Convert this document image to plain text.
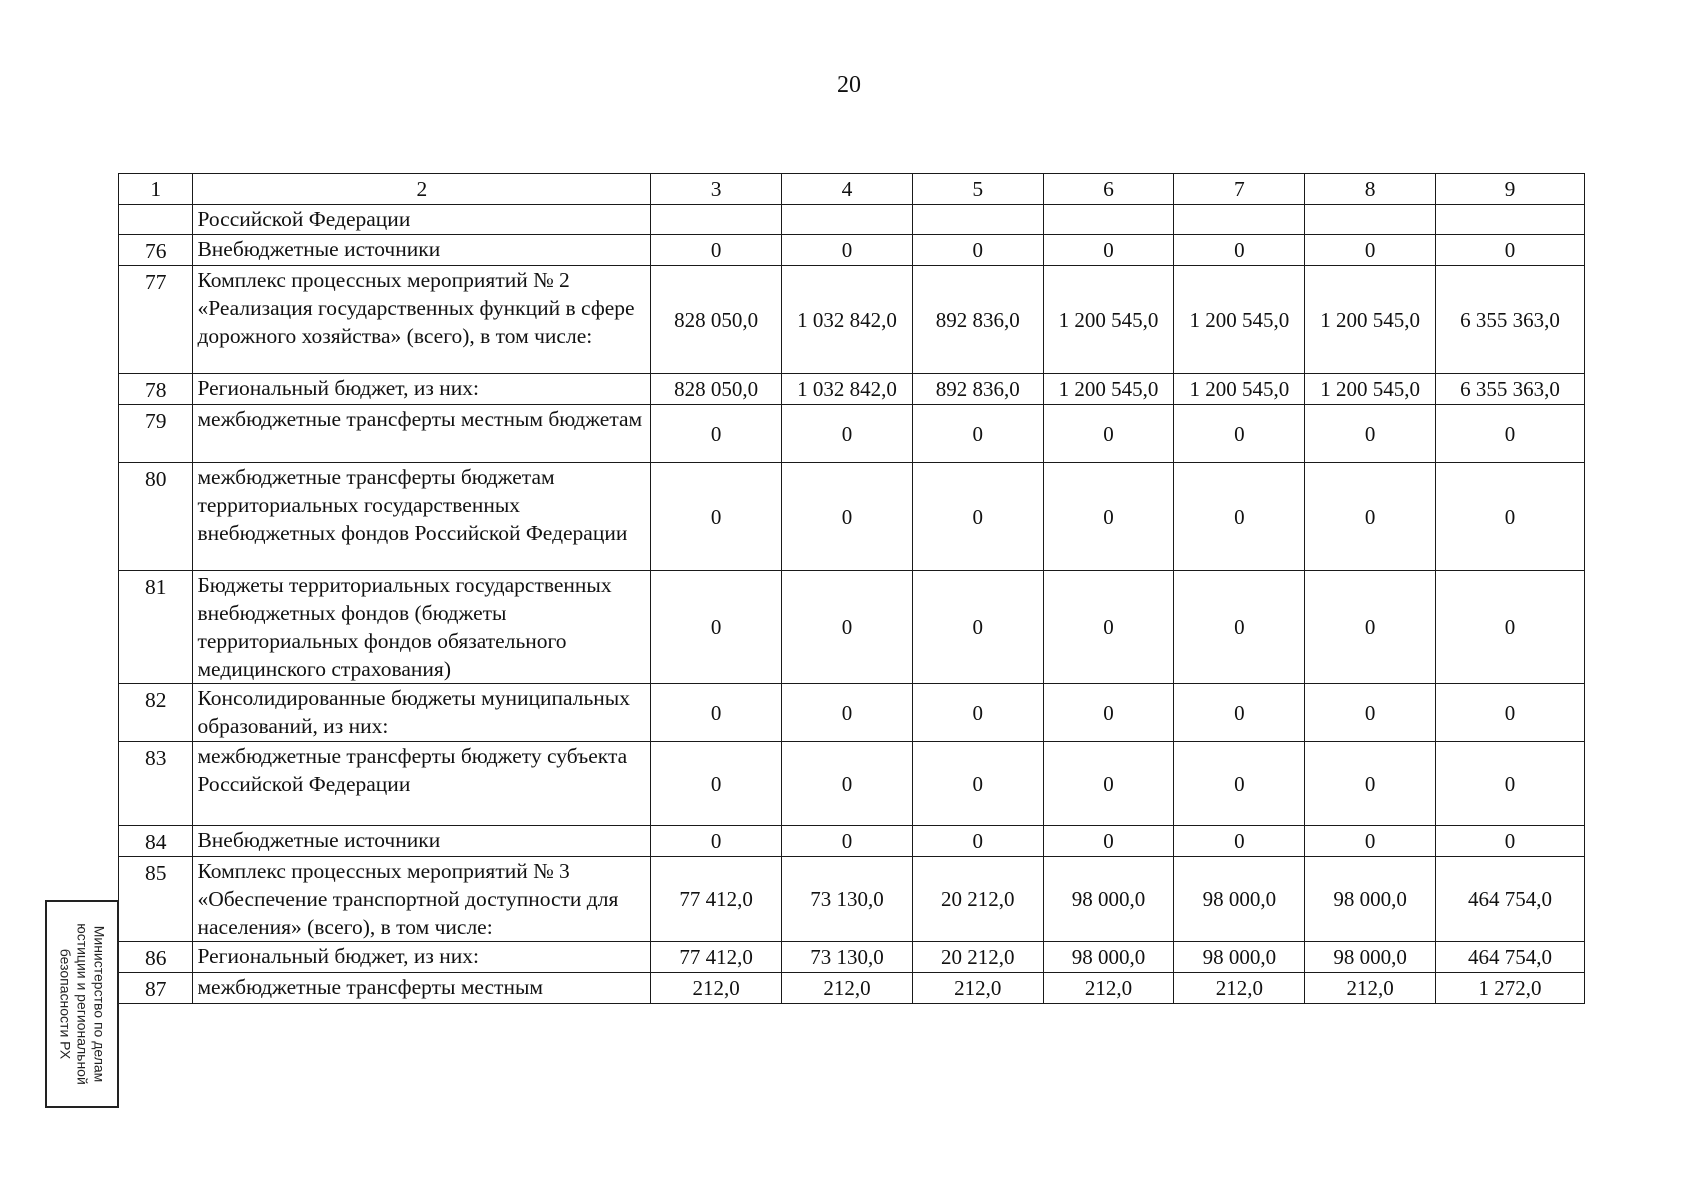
20
1	2	3	4	5	6	7	8	9
	Российской Федерации							
76	Внебюджетные источники	0	0	0	0	0	0	0
77	Комплекс процессных мероприятий № 2 «Реализация государственных функций в сфере дорожного хозяйства» (всего), в том числе:	828 050,0	1 032 842,0	892 836,0	1 200 545,0	1 200 545,0	1 200 545,0	6 355 363,0
78	Региональный бюджет, из них:	828 050,0	1 032 842,0	892 836,0	1 200 545,0	1 200 545,0	1 200 545,0	6 355 363,0
79	межбюджетные трансферты местным бюджетам	0	0	0	0	0	0	0
80	межбюджетные трансферты бюджетам территориальных государственных внебюджетных фондов Российской Федерации	0	0	0	0	0	0	0
81	Бюджеты территориальных государственных внебюджетных фондов (бюджеты территориальных фондов обязательного медицинского страхования)	0	0	0	0	0	0	0
82	Консолидированные бюджеты муниципальных образований, из них:	0	0	0	0	0	0	0
83	межбюджетные трансферты бюджету субъекта Российской Федерации	0	0	0	0	0	0	0
84	Внебюджетные источники	0	0	0	0	0	0	0
85	Комплекс процессных мероприятий № 3 «Обеспечение транспортной доступности для населения» (всего), в том числе:	77 412,0	73 130,0	20 212,0	98 000,0	98 000,0	98 000,0	464 754,0
86	Региональный бюджет, из них:	77 412,0	73 130,0	20 212,0	98 000,0	98 000,0	98 000,0	464 754,0
87	межбюджетные трансферты местным	212,0	212,0	212,0	212,0	212,0	212,0	1 272,0
Министерство по делам
юстиции и региональной
безопасности РХ
